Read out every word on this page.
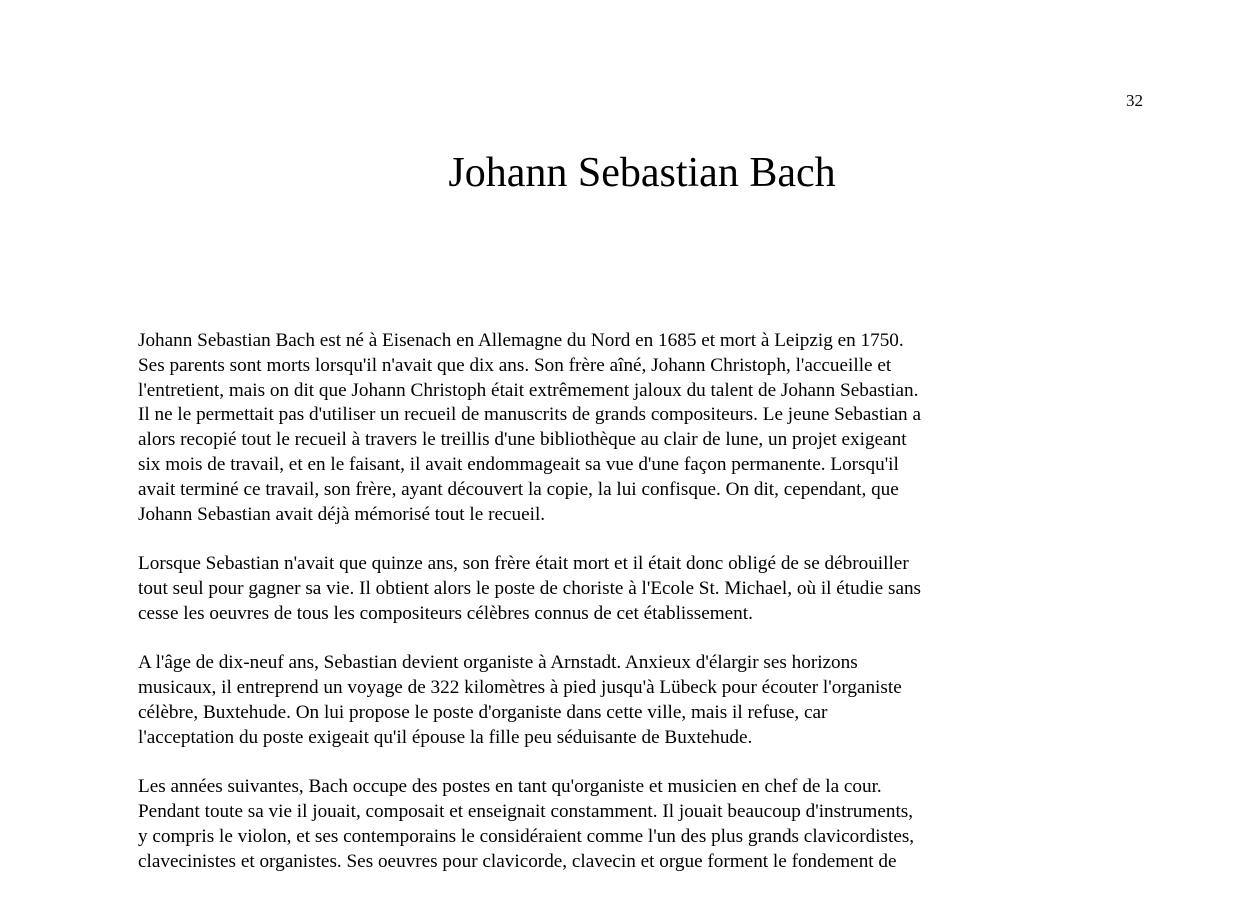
32
Johann Sebastian Bach

Johann Sebastian Bach est né à Eisenach en Allemagne du Nord en 1685 et mort à Leipzig en 1750.
Ses parents sont morts lorsqu'il n'avait que dix ans. Son frère aîné, Johann Christoph, l'accueille et
l'entretient, mais on dit que Johann Christoph était extrêmement jaloux du talent de Johann Sebastian.
Il ne le permettait pas d'utiliser un recueil de manuscrits de grands compositeurs. Le jeune Sebastian a
alors recopié tout le recueil à travers le treillis d'une bibliothèque au clair de lune, un projet exigeant
six mois de travail, et en le faisant, il avait endommageait sa vue d'une façon permanente. Lorsqu'il
avait terminé ce travail, son frère, ayant découvert la copie, la lui confisque. On dit, cependant, que
Johann Sebastian avait déjà mémorisé tout le recueil.

Lorsque Sebastian n'avait que quinze ans, son frère était mort et il était donc obligé de se débrouiller
tout seul pour gagner sa vie. Il obtient alors le poste de choriste à l'Ecole St. Michael, où il étudie sans
cesse les oeuvres de tous les compositeurs célèbres connus de cet établissement.

A l'âge de dix-neuf ans, Sebastian devient organiste à Arnstadt. Anxieux d'élargir ses horizons
musicaux, il entreprend un voyage de 322 kilomètres à pied jusqu'à Lübeck pour écouter l'organiste
célèbre, Buxtehude. On lui propose le poste d'organiste dans cette ville, mais il refuse, car
l'acceptation du poste exigeait qu'il épouse la fille peu séduisante de Buxtehude.

Les années suivantes, Bach occupe des postes en tant qu'organiste et musicien en chef de la cour.
Pendant toute sa vie il jouait, composait et enseignait constamment. Il jouait beaucoup d'instruments,
y compris le violon, et ses contemporains le considéraient comme l'un des plus grands clavicordistes,
clavecinistes et organistes. Ses oeuvres pour clavicorde, clavecin et orgue forment le fondement de
